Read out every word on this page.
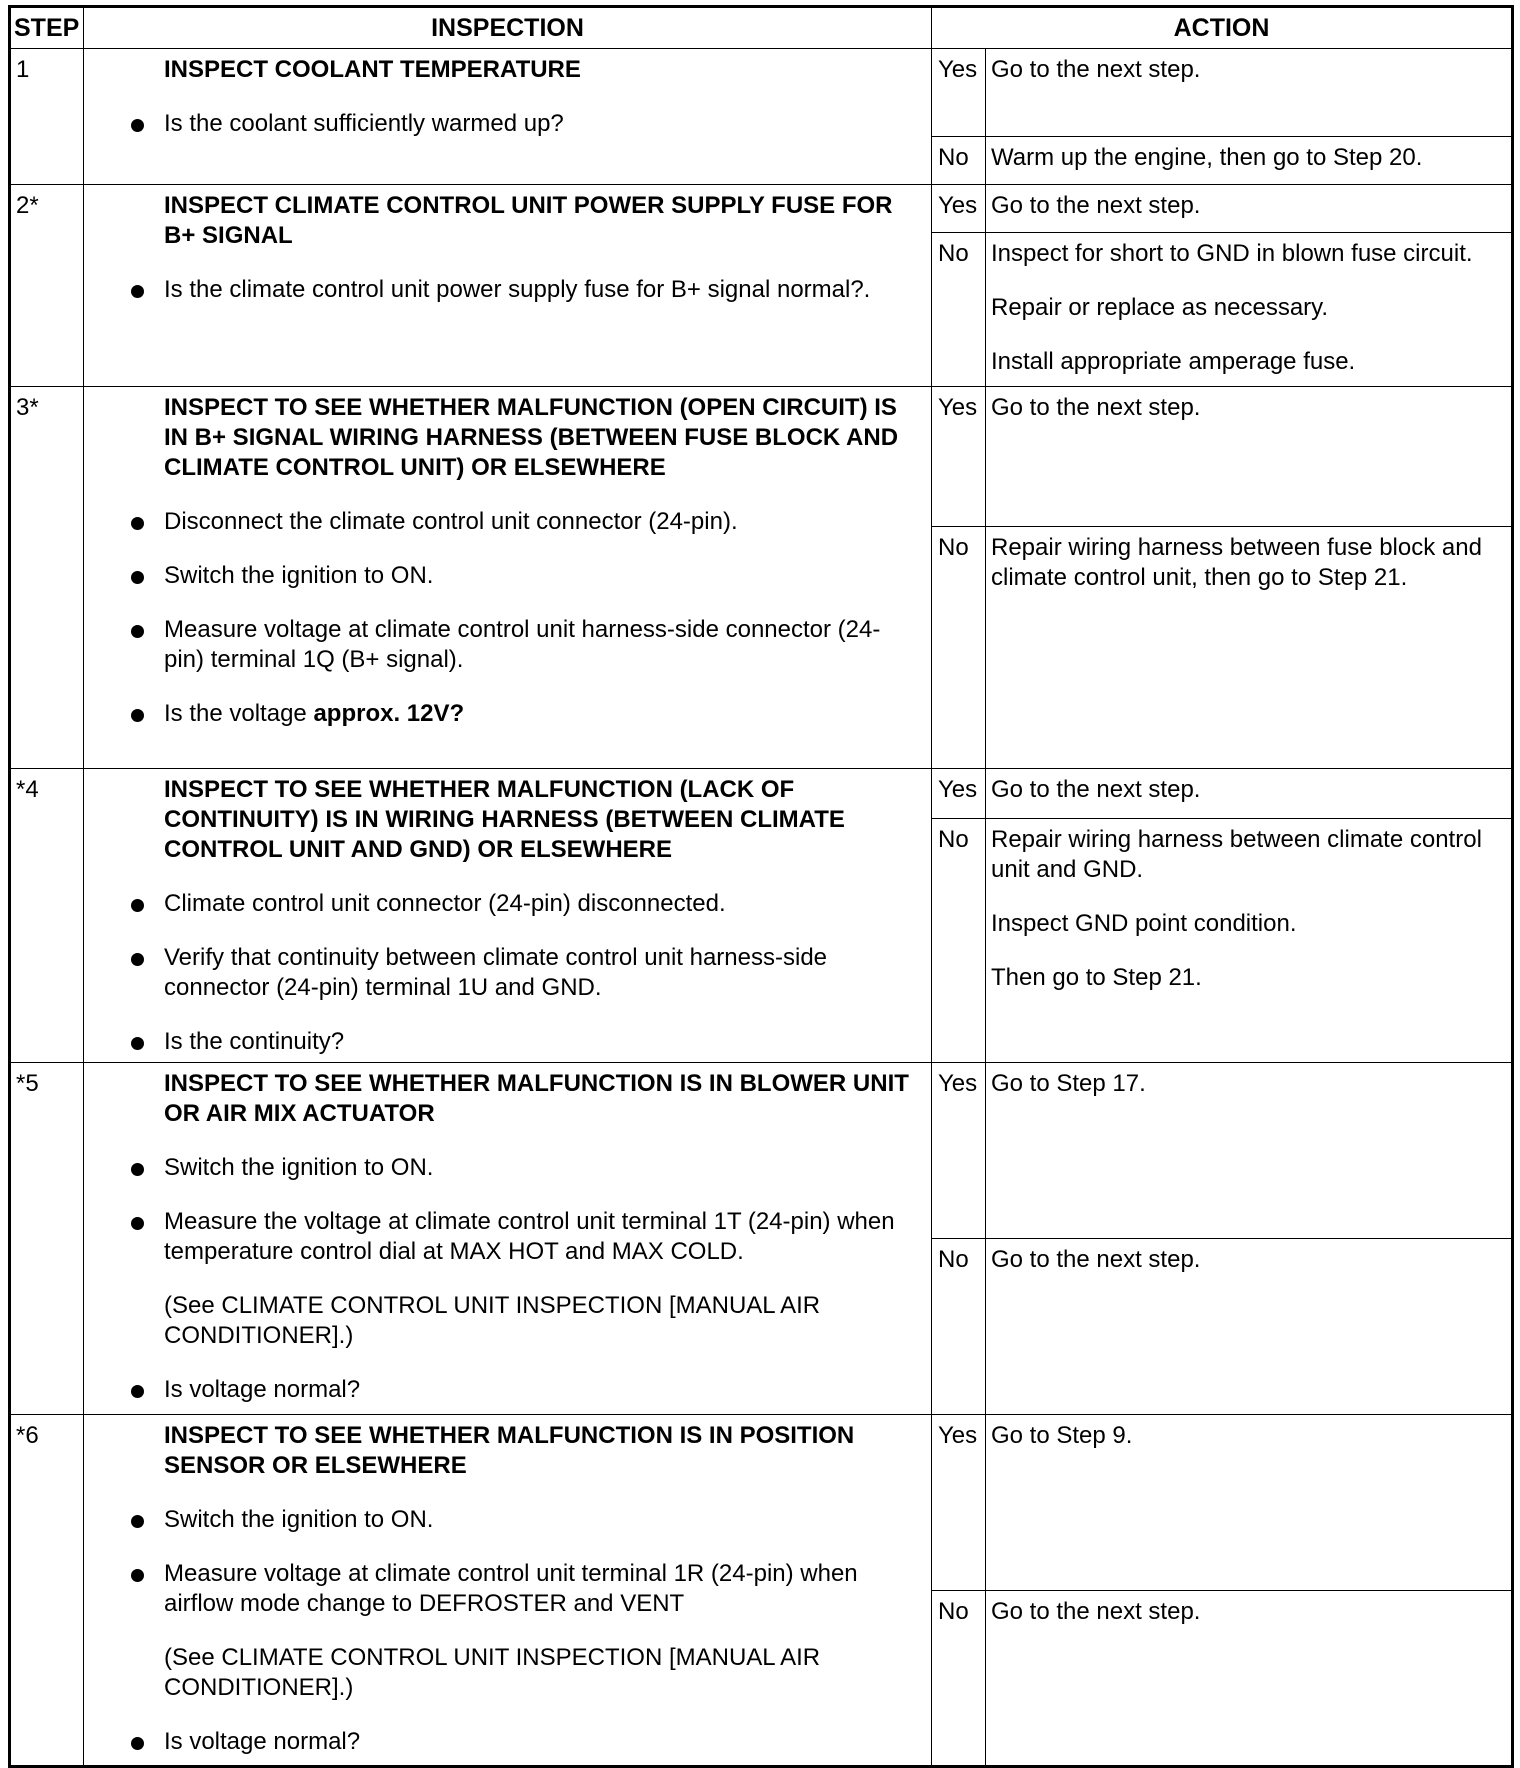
STEP	INSPECTION	ACTION	
1	INSPECT COOLANT TEMPERATURE
Is the coolant sufficiently warmed up?	Yes	Go to the next step.

		No	Warm up the engine, then go to Step 20.

2*	INSPECT CLIMATE CONTROL UNIT POWER SUPPLY FUSE FOR B+ SIGNAL
Is the climate control unit power supply fuse for B+ signal normal?.	Yes	Go to the next step.

		No	Inspect for short to GND in blown fuse circuit.
Repair or replace as necessary.
Install appropriate amperage fuse.

3*	INSPECT TO SEE WHETHER MALFUNCTION (OPEN CIRCUIT) IS IN B+ SIGNAL WIRING HARNESS (BETWEEN FUSE BLOCK AND CLIMATE CONTROL UNIT) OR ELSEWHERE
Disconnect the climate control unit connector (24-pin).
Switch the ignition to ON.
Measure voltage at climate control unit harness-side connector (24-pin) terminal 1Q (B+ signal).
Is the voltage approx. 12V?	Yes	Go to the next step.

		No	Repair wiring harness between fuse block and climate control unit, then go to Step 21.

*4	INSPECT TO SEE WHETHER MALFUNCTION (LACK OF CONTINUITY) IS IN WIRING HARNESS (BETWEEN CLIMATE CONTROL UNIT AND GND) OR ELSEWHERE
Climate control unit connector (24-pin) disconnected.
Verify that continuity between climate control unit harness-side connector (24-pin) terminal 1U and GND.
Is the continuity?	Yes	Go to the next step.

		No	Repair wiring harness between climate control unit and GND.
Inspect GND point condition.
Then go to Step 21.

*5	INSPECT TO SEE WHETHER MALFUNCTION IS IN BLOWER UNIT OR AIR MIX ACTUATOR
Switch the ignition to ON.
Measure the voltage at climate control unit terminal 1T (24-pin) when temperature control dial at MAX HOT and MAX COLD.
(See CLIMATE CONTROL UNIT INSPECTION [MANUAL AIR CONDITIONER].)
Is voltage normal?	Yes	Go to Step 17.

		No	Go to the next step.

*6	INSPECT TO SEE WHETHER MALFUNCTION IS IN POSITION SENSOR OR ELSEWHERE
Switch the ignition to ON.
Measure voltage at climate control unit terminal 1R (24-pin) when airflow mode change to DEFROSTER and VENT
(See CLIMATE CONTROL UNIT INSPECTION [MANUAL AIR CONDITIONER].)
Is voltage normal?	Yes	Go to Step 9.

		No	Go to the next step.
